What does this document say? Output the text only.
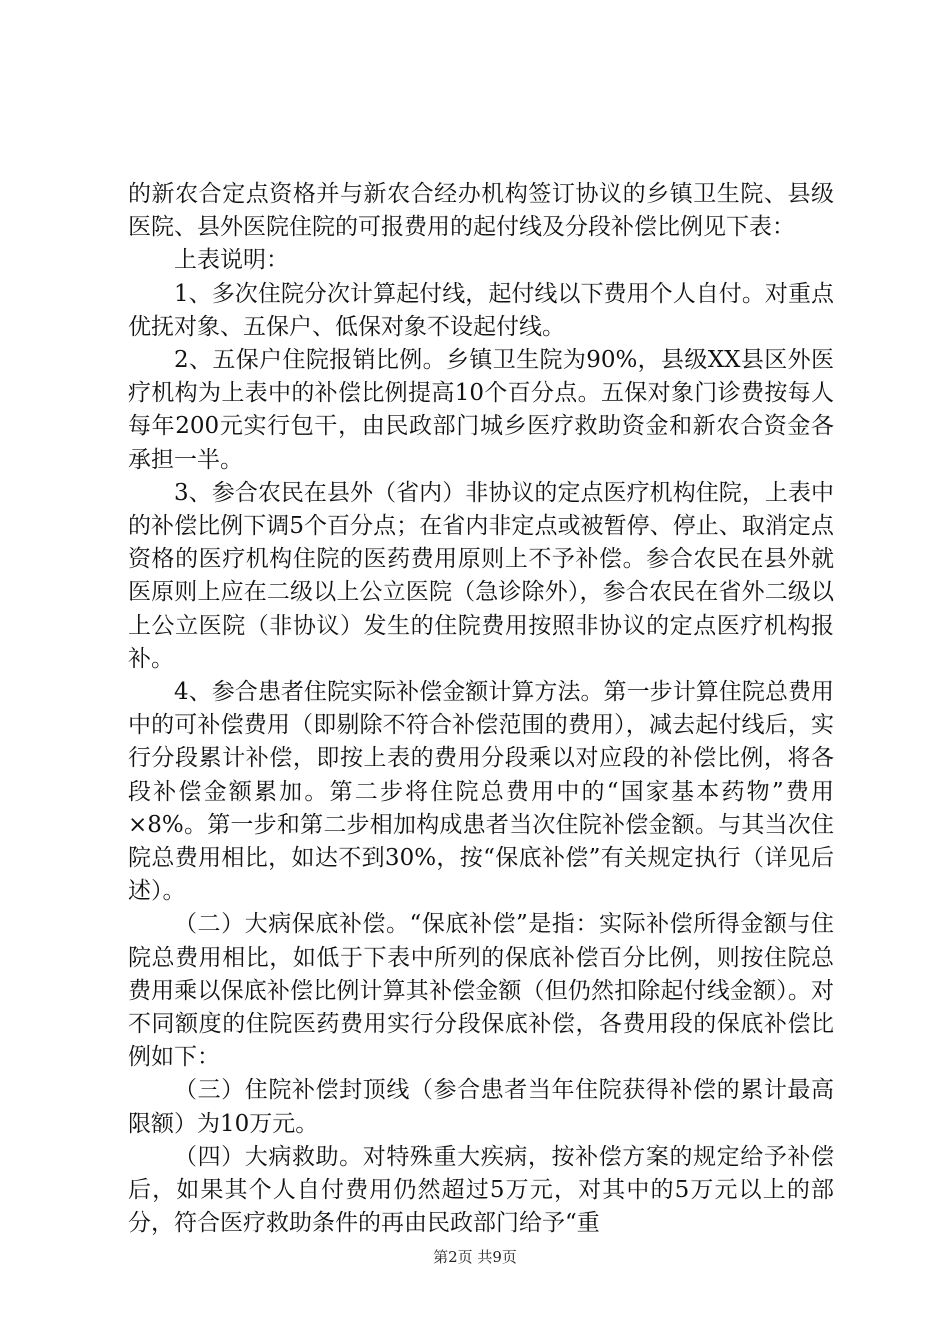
的新农合定点资格并与新农合经办机构签订协议的乡镇卫生院、县级医院、县外医院住院的可报费用的起付线及分段补偿比例见下表：

上表说明：

1、多次住院分次计算起付线，起付线以下费用个人自付。对重点优抚对象、五保户、低保对象不设起付线。

2、五保户住院报销比例。乡镇卫生院为90%，县级XX县区外医疗机构为上表中的补偿比例提高10个百分点。五保对象门诊费按每人每年200元实行包干，由民政部门城乡医疗救助资金和新农合资金各承担一半。

3、参合农民在县外（省内）非协议的定点医疗机构住院，上表中的补偿比例下调5个百分点；在省内非定点或被暂停、停止、取消定点资格的医疗机构住院的医药费用原则上不予补偿。参合农民在县外就医原则上应在二级以上公立医院（急诊除外），参合农民在省外二级以上公立医院（非协议）发生的住院费用按照非协议的定点医疗机构报补。

4、参合患者住院实际补偿金额计算方法。第一步计算住院总费用中的可补偿费用（即剔除不符合补偿范围的费用），减去起付线后，实行分段累计补偿，即按上表的费用分段乘以对应段的补偿比例，将各段补偿金额累加。第二步将住院总费用中的“国家基本药物”费用×8%。第一步和第二步相加构成患者当次住院补偿金额。与其当次住院总费用相比，如达不到30%，按“保底补偿”有关规定执行（详见后述）。

（二）大病保底补偿。“保底补偿”是指：实际补偿所得金额与住院总费用相比，如低于下表中所列的保底补偿百分比例，则按住院总费用乘以保底补偿比例计算其补偿金额（但仍然扣除起付线金额）。对不同额度的住院医药费用实行分段保底补偿，各费用段的保底补偿比例如下：

（三）住院补偿封顶线（参合患者当年住院获得补偿的累计最高限额）为10万元。

（四）大病救助。对特殊重大疾病，按补偿方案的规定给予补偿后，如果其个人自付费用仍然超过5万元，对其中的5万元以上的部分，符合医疗救助条件的再由民政部门给予“重

第2页 共9页
